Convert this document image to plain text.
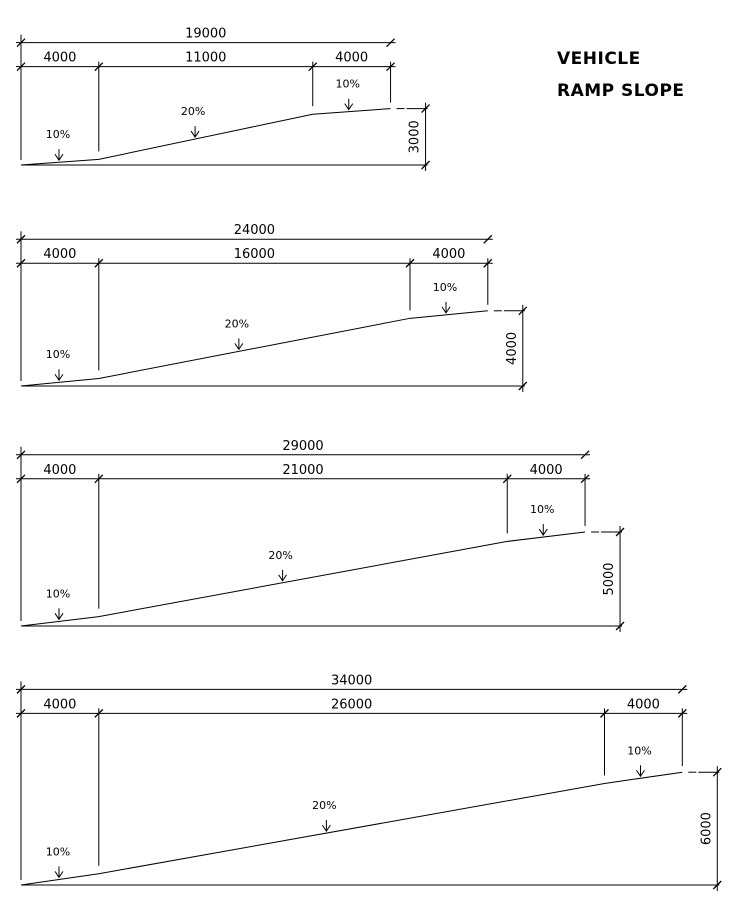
VEHICLE
RAMP SLOPE
19000
4000	11000	4000
3000
10%
20%
10%
24000
4000	16000	4000
4000
10%
20%
10%
29000
4000	21000	4000
5000
10%
20%
10%
34000
4000	26000	4000
6000
10%
20%
10%
